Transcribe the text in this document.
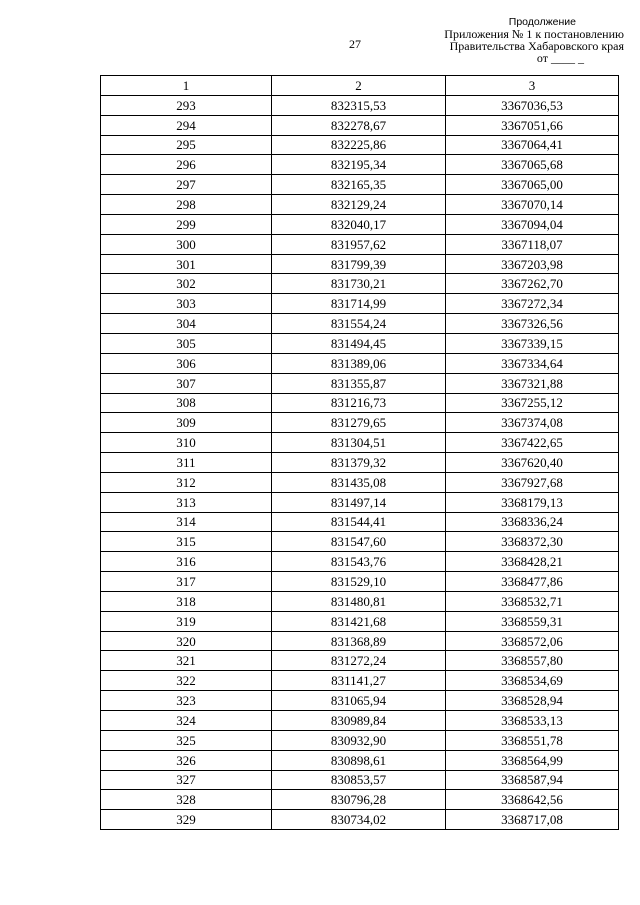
27
Продолжение
Приложения № 1 к постановлению
Правительства Хабаровского края
от ____ _
1	2	3
293	832315,53	3367036,53
294	832278,67	3367051,66
295	832225,86	3367064,41
296	832195,34	3367065,68
297	832165,35	3367065,00
298	832129,24	3367070,14
299	832040,17	3367094,04
300	831957,62	3367118,07
301	831799,39	3367203,98
302	831730,21	3367262,70
303	831714,99	3367272,34
304	831554,24	3367326,56
305	831494,45	3367339,15
306	831389,06	3367334,64
307	831355,87	3367321,88
308	831216,73	3367255,12
309	831279,65	3367374,08
310	831304,51	3367422,65
311	831379,32	3367620,40
312	831435,08	3367927,68
313	831497,14	3368179,13
314	831544,41	3368336,24
315	831547,60	3368372,30
316	831543,76	3368428,21
317	831529,10	3368477,86
318	831480,81	3368532,71
319	831421,68	3368559,31
320	831368,89	3368572,06
321	831272,24	3368557,80
322	831141,27	3368534,69
323	831065,94	3368528,94
324	830989,84	3368533,13
325	830932,90	3368551,78
326	830898,61	3368564,99
327	830853,57	3368587,94
328	830796,28	3368642,56
329	830734,02	3368717,08
